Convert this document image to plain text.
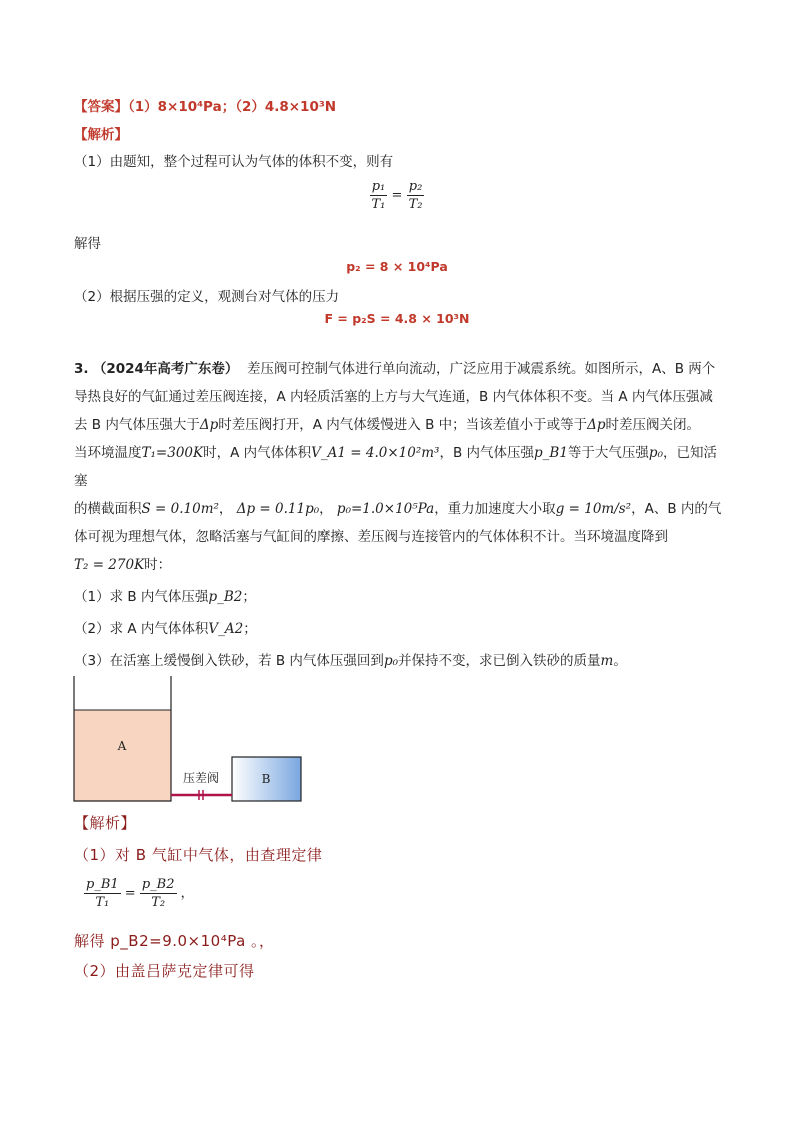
【答案】（1）8×10⁴Pa；（2）4.8×10³N
【解析】
（1）由题知，整个过程可认为气体的体积不变，则有
$\frac{\text{p₁}}{\text{T₁}} = \frac{\text{p₂}}{\text{T₂}}$
解得
p₂ = 8 × 10⁴Pa
（2）根据压强的定义，观测台对气体的压力
F = p₂S = 4.8 × 10³N
3. （2024年高考广东卷） 差压阀可控制气体进行单向流动，广泛应用于减震系统。如图所示，A、B 两个
导热良好的气缸通过差压阀连接，A 内轻质活塞的上方与大气连通，B 内气体体积不变。当 A 内气体压强减
去 B 内气体压强大于Δp时差压阀打开，A 内气体缓慢进入 B 中；当该差值小于或等于Δp时差压阀关闭。
当环境温度T₁=300K时，A 内气体体积V_A1 = 4.0×10²m³，B 内气体压强p_B1等于大气压强p₀，已知活塞
的横截面积S = 0.10m²， Δp = 0.11p₀， p₀=1.0×10⁵Pa，重力加速度大小取g = 10m/s²，A、B 内的气
体可视为理想气体，忽略活塞与气缸间的摩擦、差压阀与连接管内的气体体积不计。当环境温度降到
T₂ = 270K时：
（1）求 B 内气体压强p_B2；
（2）求 A 内气体体积V_A2；
（3）在活塞上缓慢倒入铁砂，若 B 内气体压强回到p₀并保持不变，求已倒入铁砂的质量m。
A
B
压差阀
【解析】
（1）对 B 气缸中气体，由查理定律
$\frac{p\_B1}{\text{T₁}} = \frac{p\_B2}{\text{T₂}}$ ，
解得 p_B2=9.0×10⁴Pa 。，
（2）由盖吕萨克定律可得
